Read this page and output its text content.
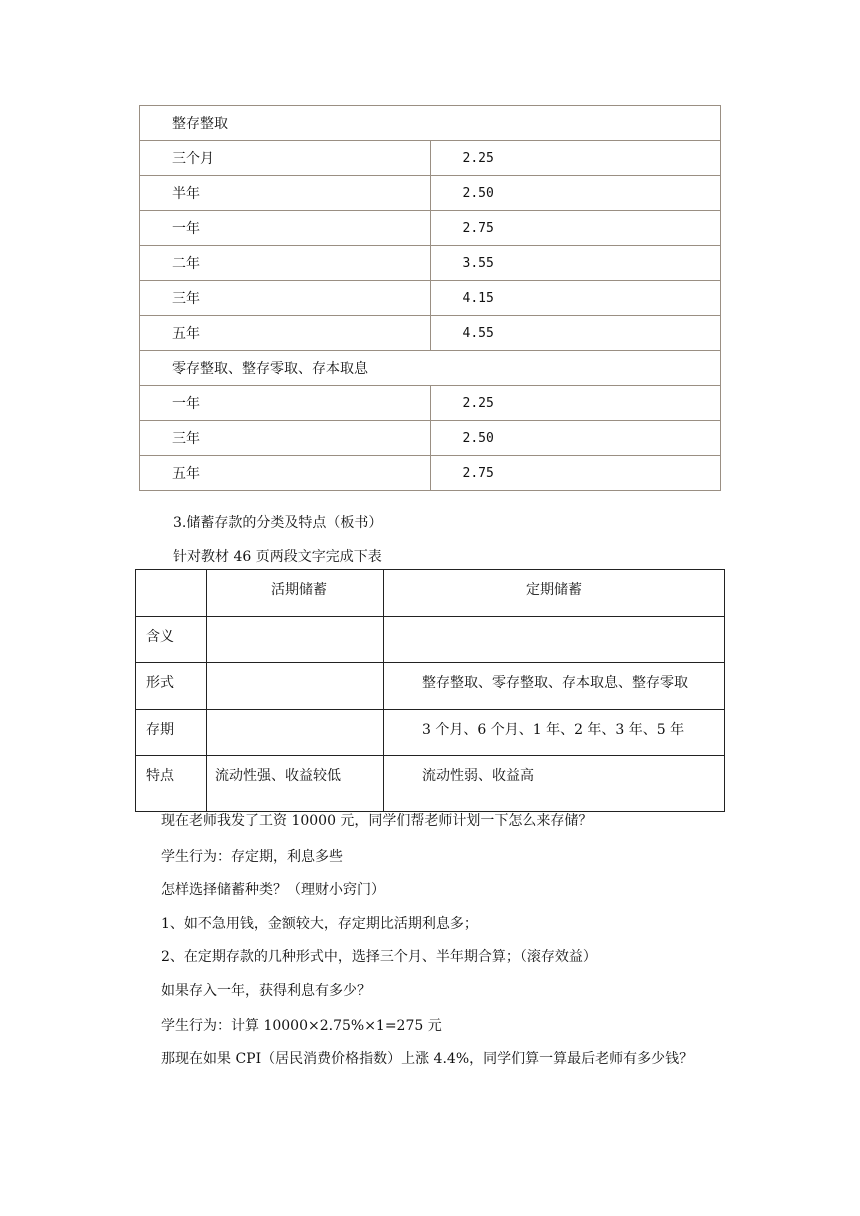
整存整取	
三个月	2.25
半年	2.50
一年	2.75
二年	3.55
三年	4.15
五年	4.55
零存整取、整存零取、存本取息	
一年	2.25
三年	2.50
五年	2.75
3.储蓄存款的分类及特点（板书）
针对教材 46 页两段文字完成下表
	活期储蓄	定期储蓄
含义		
形式		整存整取、零存整取、存本取息、整存零取
存期		3 个月、6 个月、1 年、2 年、3 年、5 年
特点	流动性强、收益较低	流动性弱、收益高
现在老师我发了工资 10000 元，同学们帮老师计划一下怎么来存储？
学生行为：存定期，利息多些
怎样选择储蓄种类？（理财小窍门）
1、如不急用钱，金额较大，存定期比活期利息多；
2、在定期存款的几种形式中，选择三个月、半年期合算；（滚存效益）
如果存入一年，获得利息有多少？
学生行为：计算 10000×2.75%×1=275 元
那现在如果 CPI（居民消费价格指数）上涨 4.4%，同学们算一算最后老师有多少钱？
